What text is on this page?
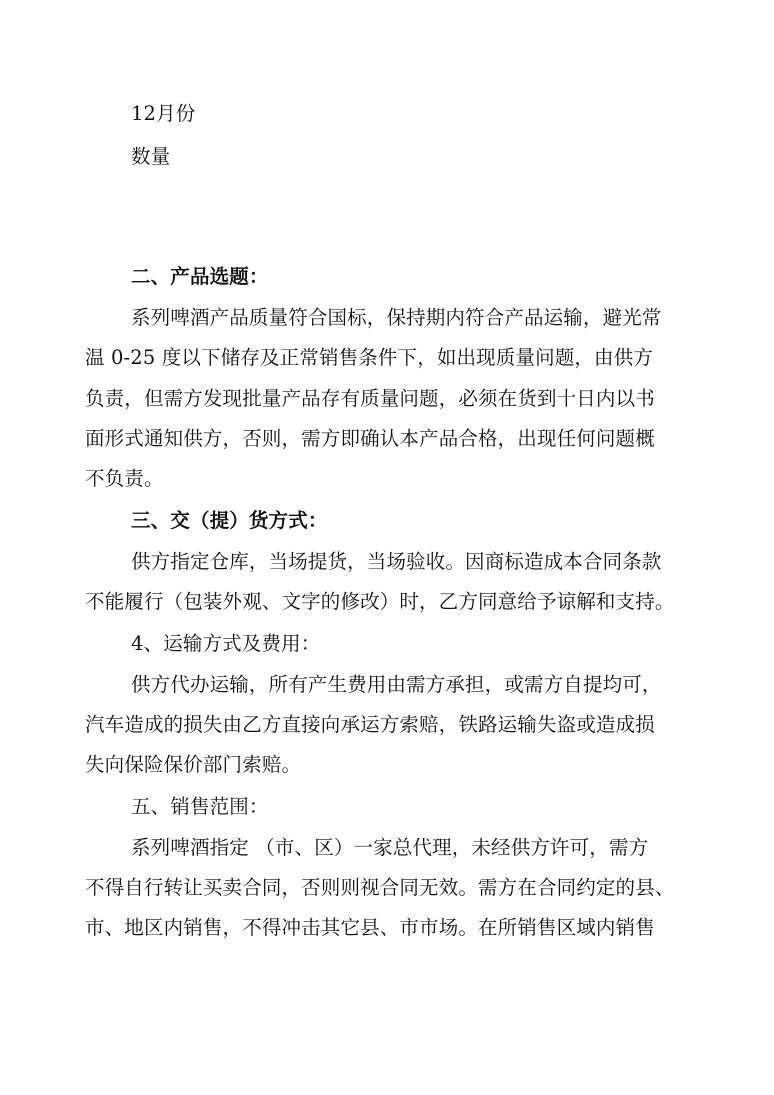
12月份
数量
二、产品选题：
系列啤酒产品质量符合国标，保持期内符合产品运输，避光常
温 0-25 度以下储存及正常销售条件下，如出现质量问题，由供方
负责，但需方发现批量产品存有质量问题，必须在货到十日内以书
面形式通知供方，否则，需方即确认本产品合格，出现任何问题概
不负责。
三、交（提）货方式：
供方指定仓库，当场提货，当场验收。因商标造成本合同条款
不能履行（包装外观、文字的修改）时，乙方同意给予谅解和支持。
4、运输方式及费用：
供方代办运输，所有产生费用由需方承担，或需方自提均可，
汽车造成的损失由乙方直接向承运方索赔，铁路运输失盗或造成损
失向保险保价部门索赔。
五、销售范围：
系列啤酒指定 （市、区）一家总代理，未经供方许可，需方
不得自行转让买卖合同，否则则视合同无效。需方在合同约定的县、
市、地区内销售，不得冲击其它县、市市场。在所销售区域内销售
